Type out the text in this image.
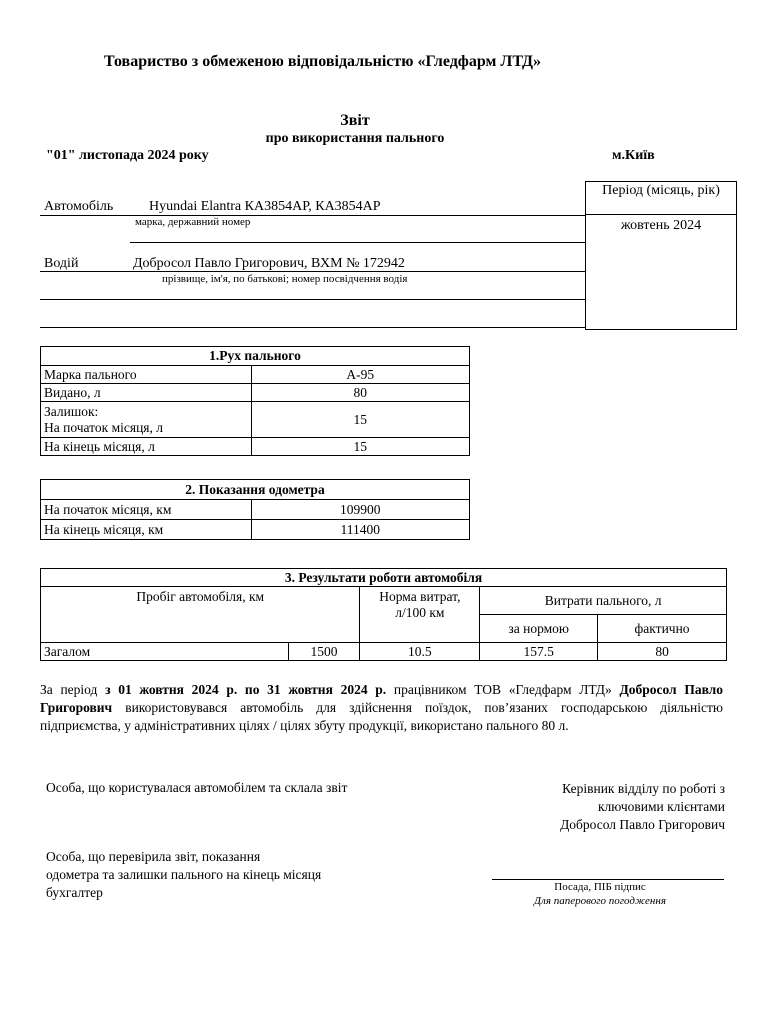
Товариство з обмеженою відповідальністю «Гледфарм ЛТД»
Звіт
про використання пального
"01" листопада 2024 року	м.Київ
Період (місяць, рік)
жовтень 2024
Автомобіль	Hyundai Elantra КА3854АР, КА3854АР
марка, державний номер
Водій	Добросол Павло Григорович, ВХМ № 172942
прізвище, ім'я, по батькові; номер посвідчення водія
1.Рух пального	
Марка пального	А-95
Видано, л	80
Залишок:
На початок місяця, л	15
На кінець місяця, л	15
2. Показання одометра	
На початок місяця, км	109900
На кінець місяця, км	111400
3. Результати роботи автомобіля				
Пробіг автомобіля, км		Норма витрат, л/100 км	Витрати пального, л	
			за нормою	фактично
Загалом	1500	10.5	157.5	80
За період з 01 жовтня 2024 р. по 31 жовтня 2024 р. працівником ТОВ «Гледфарм ЛТД» Добросол Павло Григорович використовувався автомобіль для здійснення поїздок, пов’язаних господарською діяльністю підприємства, у адміністративних цілях / цілях збуту продукції, використано пального 80 л.
Особа, що користувалася автомобілем та склала звіт	Керівник відділу по роботі з
ключовими клієнтами
Добросол Павло Григорович
Особа, що перевірила звіт, показання
одометра та залишки пального на кінець місяця
бухгалтер	Посада, ПІБ підпис
Для паперового погодження
